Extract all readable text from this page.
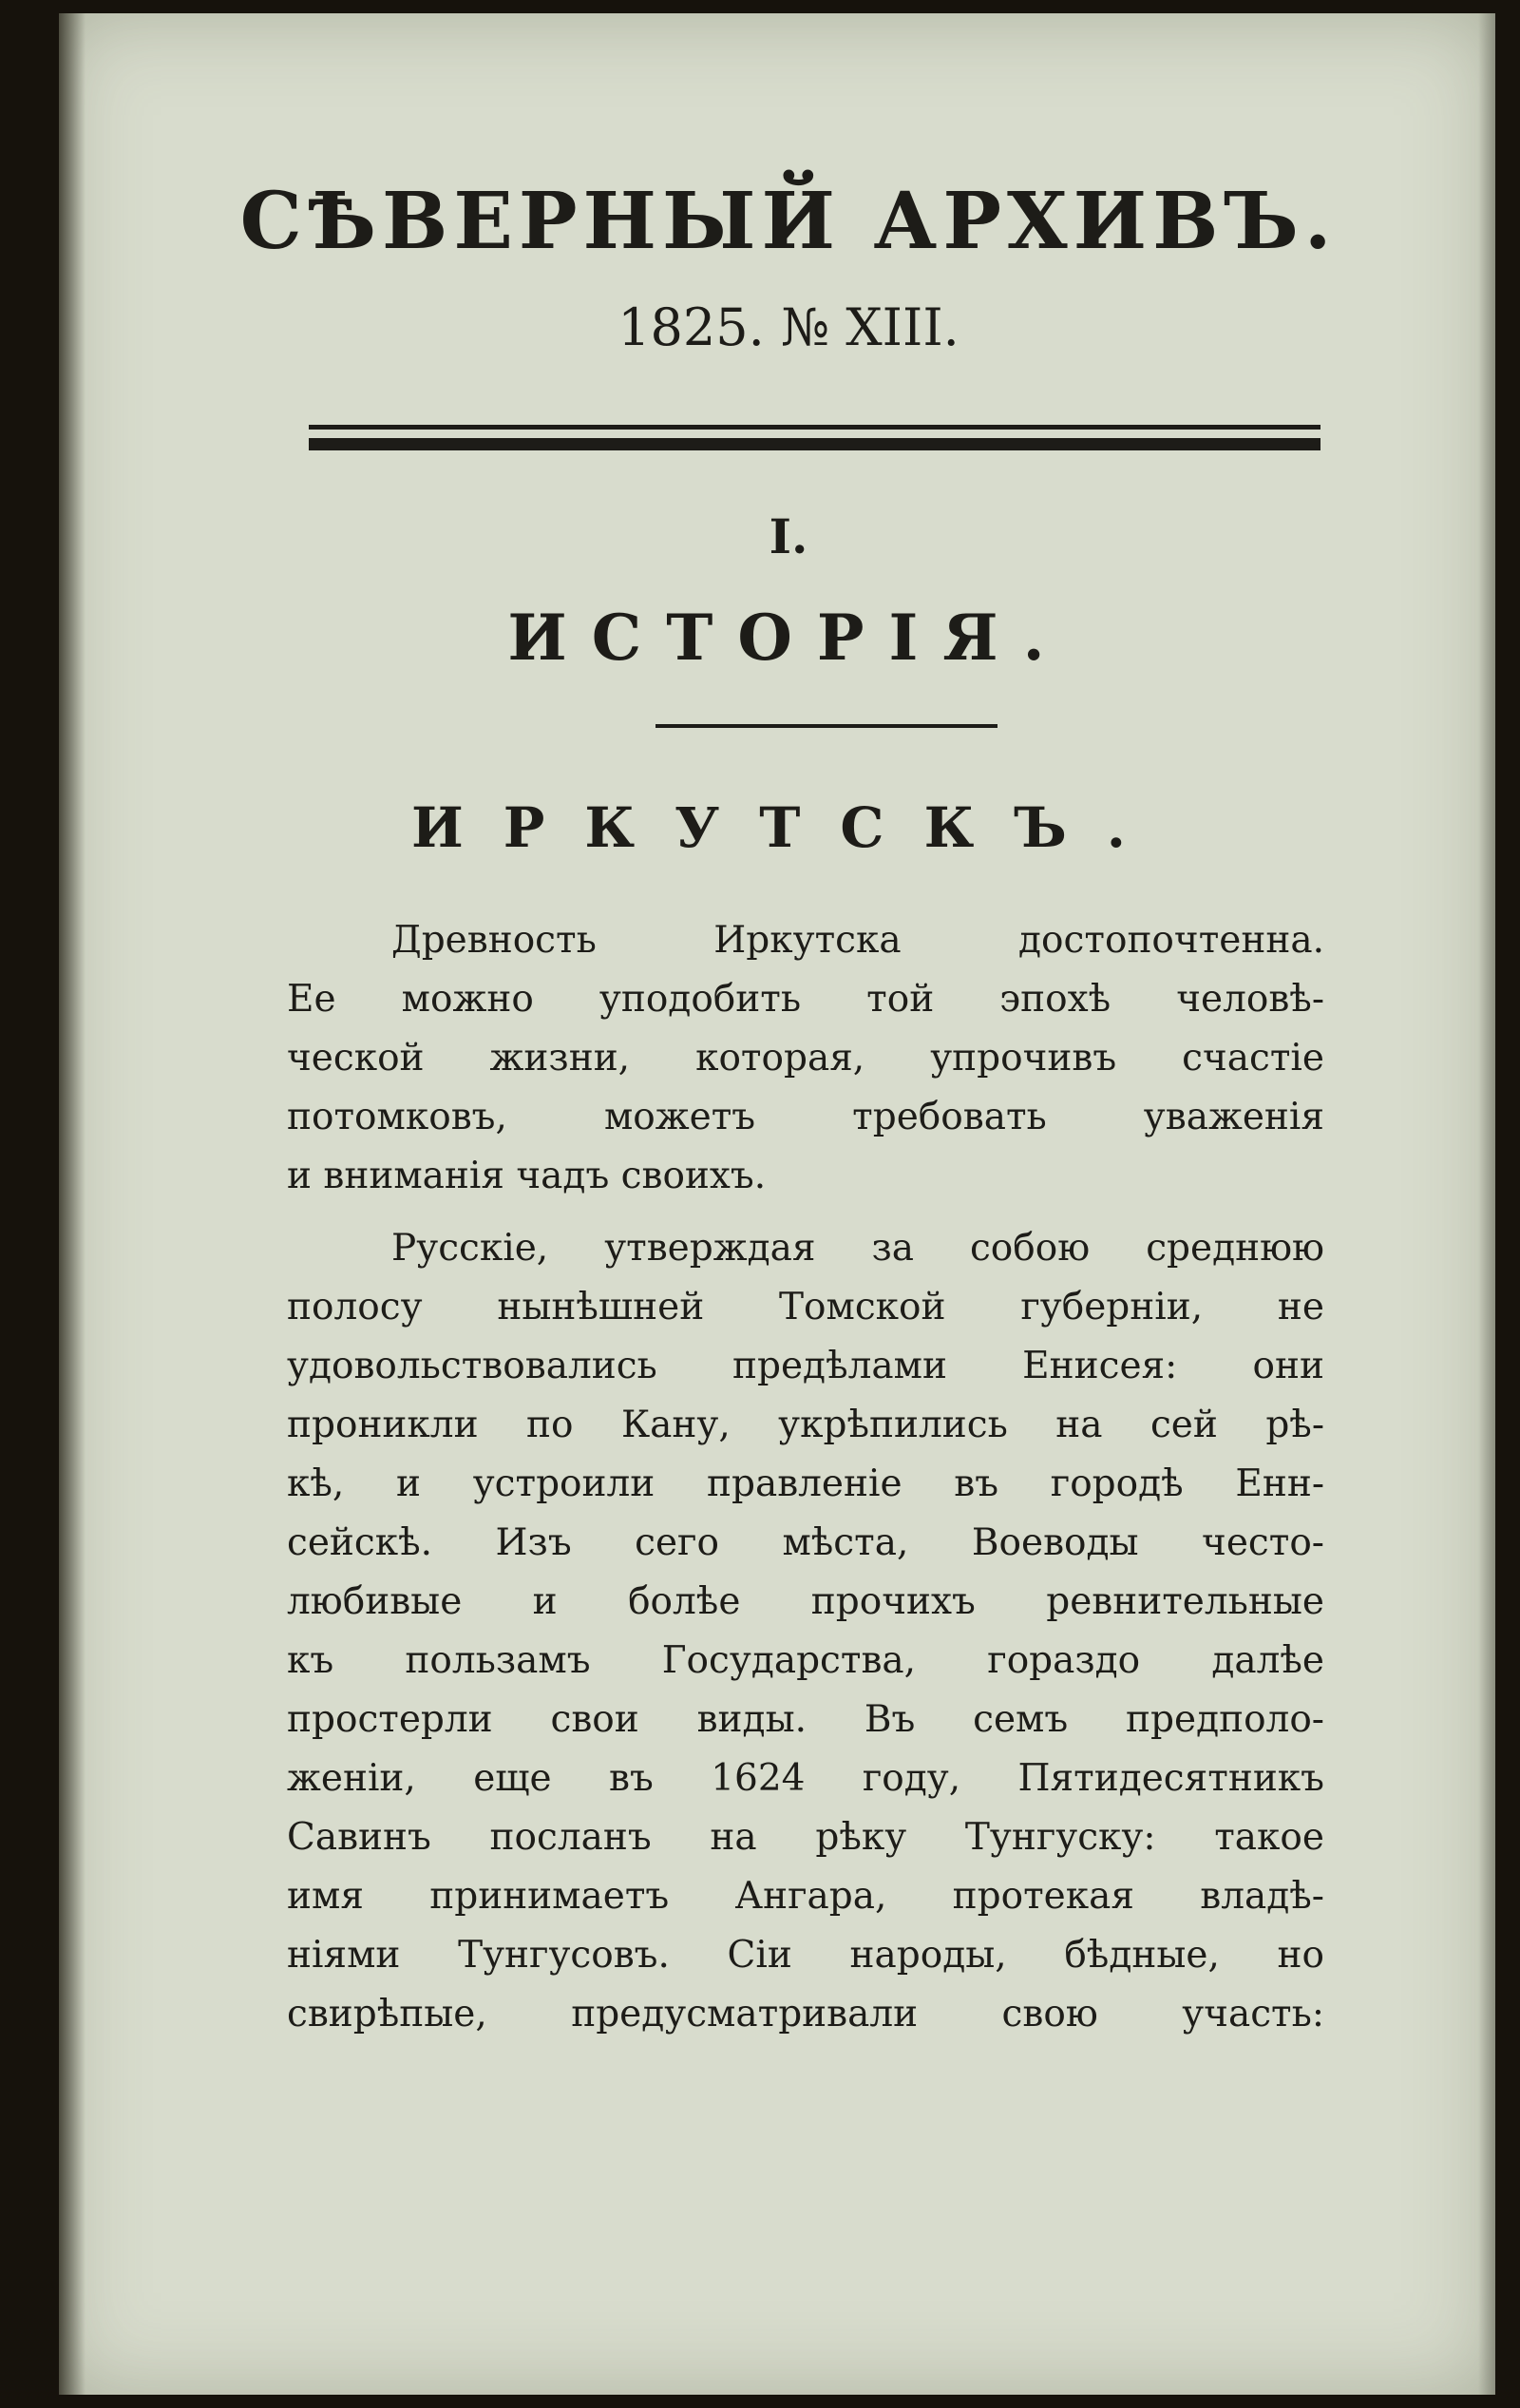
СѢВЕРНЫЙ АРХИВЪ.
1825. № XIII.
I.
ИСТОРІЯ.
ИРКУТСКЪ.
Древность Иркутска достопочтенна.
Ее можно уподобить той эпохѣ человѣ-
ческой жизни, которая, упрочивъ счастіе
потомковъ, можетъ требовать уваженія
и вниманія чадъ своихъ.
Русскіе, утверждая за собою среднюю
полосу нынѣшней Томской губерніи, не
удовольствовались предѣлами Енисея: они
проникли по Кану, укрѣпились на сей рѣ-
кѣ, и устроили правленіе въ городѣ Енн-
сейскѣ. Изъ сего мѣста, Воеводы често-
любивые и болѣе прочихъ ревнительные
къ пользамъ Государства, гораздо далѣе
простерли свои виды. Въ семъ предполо-
женіи, еще въ 1624 году, Пятидесятникъ
Савинъ посланъ на рѣку Тунгуску: такое
имя принимаетъ Ангара, протекая владѣ-
ніями Тунгусовъ. Сіи народы, бѣдные, но
свирѣпые, предусматривали свою участь:
